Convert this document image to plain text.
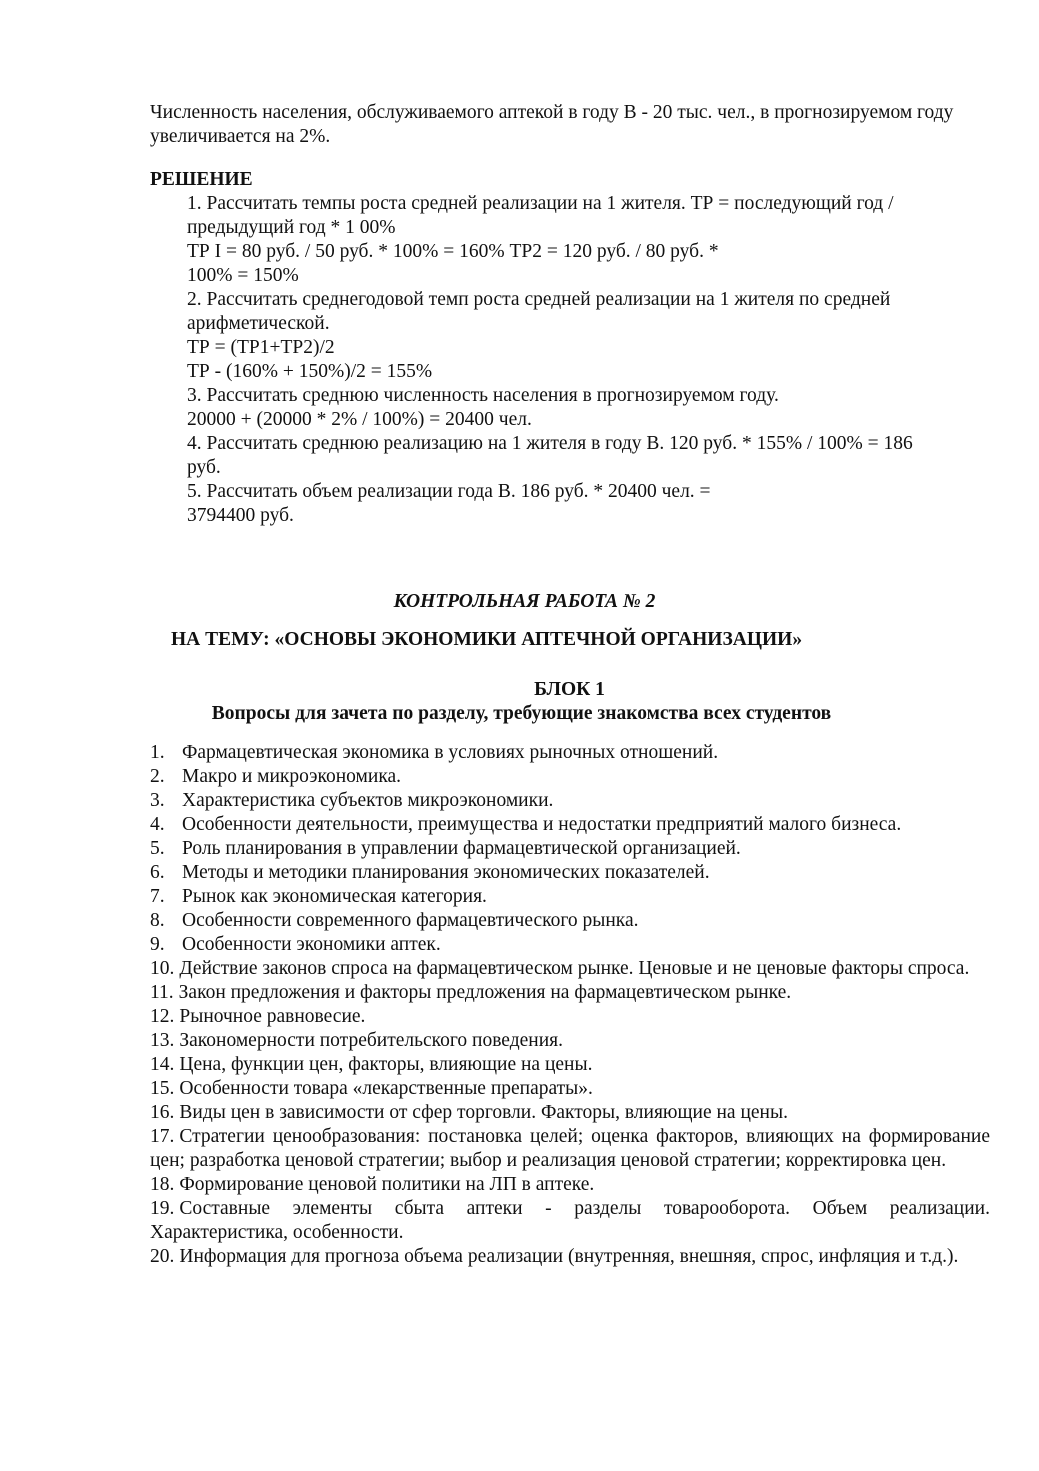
Численность населения, обслуживаемого аптекой в году В - 20 тыс. чел., в прогнозируемом году увеличивается на 2%.
РЕШЕНИЕ
1. Рассчитать темпы роста средней реализации на 1 жителя. ТР = последующий год /
предыдущий год * 1 00%
ТР I = 80 руб. / 50 руб. * 100% = 160% ТР2 = 120 руб. / 80 руб. *
100% = 150%
2. Рассчитать среднегодовой темп роста средней реализации на 1 жителя по средней
арифметической.
ТР = (ТР1+ТР2)/2
ТР - (160% + 150%)/2 = 155%
3. Рассчитать среднюю численность населения в прогнозируемом году.
20000 + (20000 * 2% / 100%) = 20400 чел.
4. Рассчитать среднюю реализацию на 1 жителя в году В. 120 руб. * 155% / 100% = 186
руб.
5. Рассчитать объем реализации года В. 186 руб. * 20400 чел. =
3794400 руб.
КОНТРОЛЬНАЯ РАБОТА № 2
НА ТЕМУ: «ОСНОВЫ ЭКОНОМИКИ АПТЕЧНОЙ ОРГАНИЗАЦИИ»
БЛОК 1
Вопросы для зачета по разделу, требующие знакомства всех студентов
1. Фармацевтическая экономика в условиях рыночных отношений.
2. Макро и микроэкономика.
3. Характеристика субъектов микроэкономики.
4. Особенности деятельности, преимущества и недостатки предприятий малого бизнеса.
5. Роль планирования в управлении фармацевтической организацией.
6. Методы и методики планирования экономических показателей.
7. Рынок как экономическая категория.
8. Особенности современного фармацевтического рынка.
9. Особенности экономики аптек.
10. Действие законов спроса на фармацевтическом рынке. Ценовые и не ценовые факторы спроса.
11. Закон предложения и факторы предложения на фармацевтическом рынке.
12. Рыночное равновесие.
13. Закономерности потребительского поведения.
14. Цена, функции цен, факторы, влияющие на цены.
15. Особенности товара «лекарственные препараты».
16. Виды цен в зависимости от сфер торговли. Факторы, влияющие на цены.
17. Стратегии ценообразования: постановка целей; оценка факторов, влияющих на формирование цен; разработка ценовой стратегии; выбор и реализация ценовой стратегии; корректировка цен.
18. Формирование ценовой политики на ЛП в аптеке.
19. Составные элементы сбыта аптеки - разделы товарооборота. Объем реализации. Характеристика, особенности.
20. Информация для прогноза объема реализации (внутренняя, внешняя, спрос, инфляция и т.д.).
